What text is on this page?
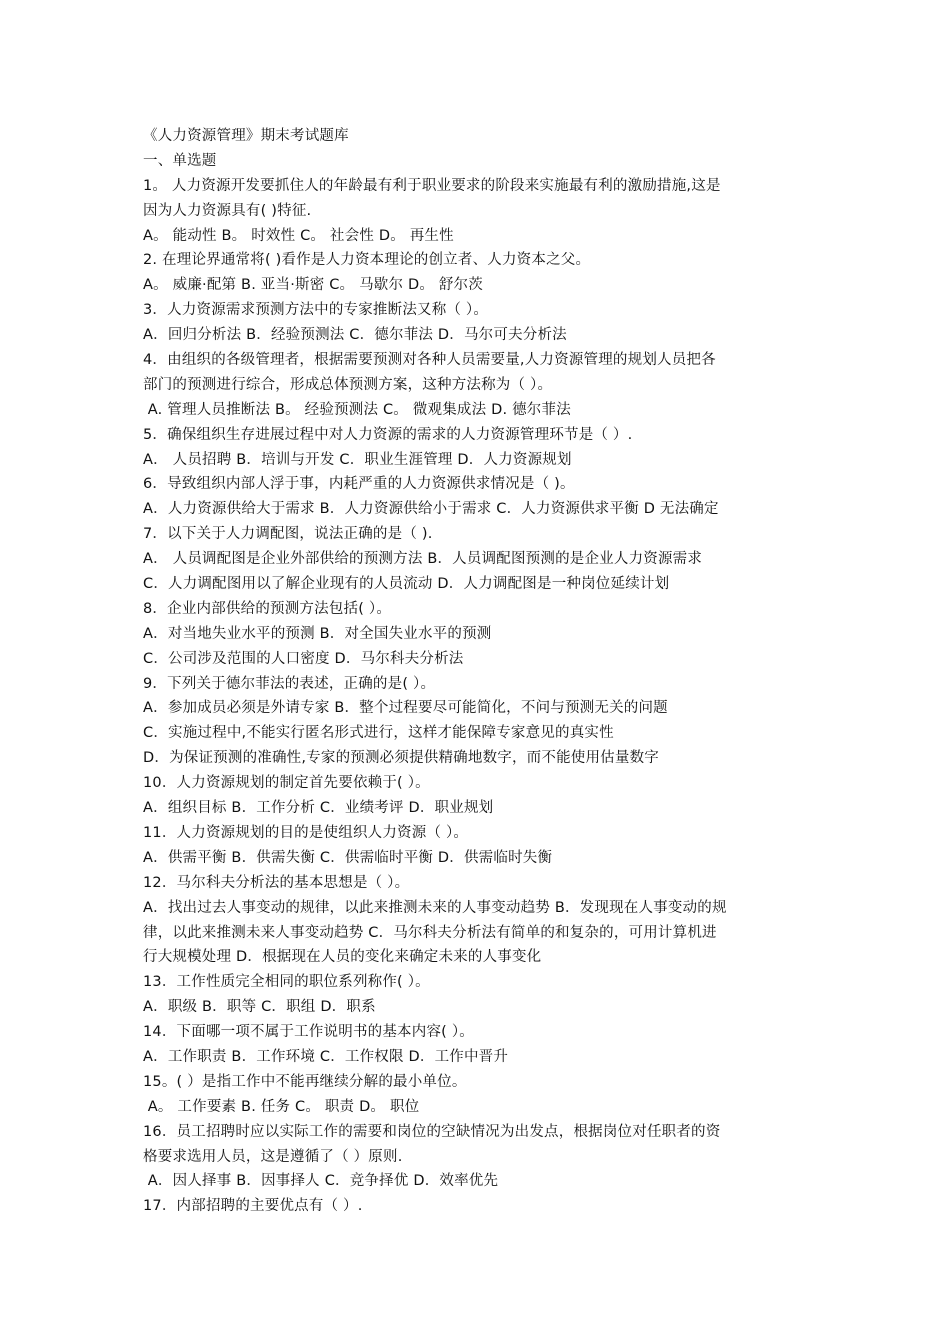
《人力资源管理》期末考试题库
一、单选题
1。 人力资源开发要抓住人的年龄最有利于职业要求的阶段来实施最有利的激励措施,这是
因为人力资源具有( )特征.
A。 能动性 B。 时效性 C。 社会性 D。 再生性
2. 在理论界通常将( )看作是人力资本理论的创立者、人力资本之父。
A。 威廉·配第 B. 亚当·斯密 C。 马歇尔 D。 舒尔茨
3．人力资源需求预测方法中的专家推断法又称（ ）。
A．回归分析法 B．经验预测法 C．德尔菲法 D．马尔可夫分析法
4．由组织的各级管理者，根据需要预测对各种人员需要量,人力资源管理的规划人员把各
部门的预测进行综合，形成总体预测方案，这种方法称为（ ）。
A. 管理人员推断法 B。 经验预测法 C。 微观集成法 D. 德尔菲法
5．确保组织生存进展过程中对人力资源的需求的人力资源管理环节是（ ）.
A． 人员招聘 B．培训与开发 C．职业生涯管理 D．人力资源规划
6．导致组织内部人浮于事，内耗严重的人力资源供求情况是（ )。
A．人力资源供给大于需求 B．人力资源供给小于需求 C．人力资源供求平衡 D 无法确定
7．以下关于人力调配图，说法正确的是（ ).
A． 人员调配图是企业外部供给的预测方法 B．人员调配图预测的是企业人力资源需求
C．人力调配图用以了解企业现有的人员流动 D．人力调配图是一种岗位延续计划
8．企业内部供给的预测方法包括( ）。
A．对当地失业水平的预测 B．对全国失业水平的预测
C．公司涉及范围的人口密度 D．马尔科夫分析法
9．下列关于德尔菲法的表述，正确的是( ）。
A．参加成员必须是外请专家 B．整个过程要尽可能简化，不问与预测无关的问题
C．实施过程中,不能实行匿名形式进行，这样才能保障专家意见的真实性
D．为保证预测的准确性,专家的预测必须提供精确地数字，而不能使用估量数字
10．人力资源规划的制定首先要依赖于( ）。
A．组织目标 B．工作分析 C．业绩考评 D．职业规划
11．人力资源规划的目的是使组织人力资源（ ）。
A．供需平衡 B．供需失衡 C．供需临时平衡 D．供需临时失衡
12．马尔科夫分析法的基本思想是（ ）。
A．找出过去人事变动的规律，以此来推测未来的人事变动趋势 B．发现现在人事变动的规
律，以此来推测未来人事变动趋势 C．马尔科夫分析法有简单的和复杂的，可用计算机进
行大规模处理 D．根据现在人员的变化来确定未来的人事变化
13．工作性质完全相同的职位系列称作( ）。
A．职级 B．职等 C．职组 D．职系
14．下面哪一项不属于工作说明书的基本内容( ）。
A．工作职责 B．工作环境 C．工作权限 D．工作中晋升
15。( ）是指工作中不能再继续分解的最小单位。
A。 工作要素 B. 任务 C。 职责 D。 职位
16．员工招聘时应以实际工作的需要和岗位的空缺情况为出发点，根据岗位对任职者的资
格要求选用人员，这是遵循了（ ）原则.
A．因人择事 B．因事择人 C．竞争择优 D．效率优先
17．内部招聘的主要优点有（ ）.
